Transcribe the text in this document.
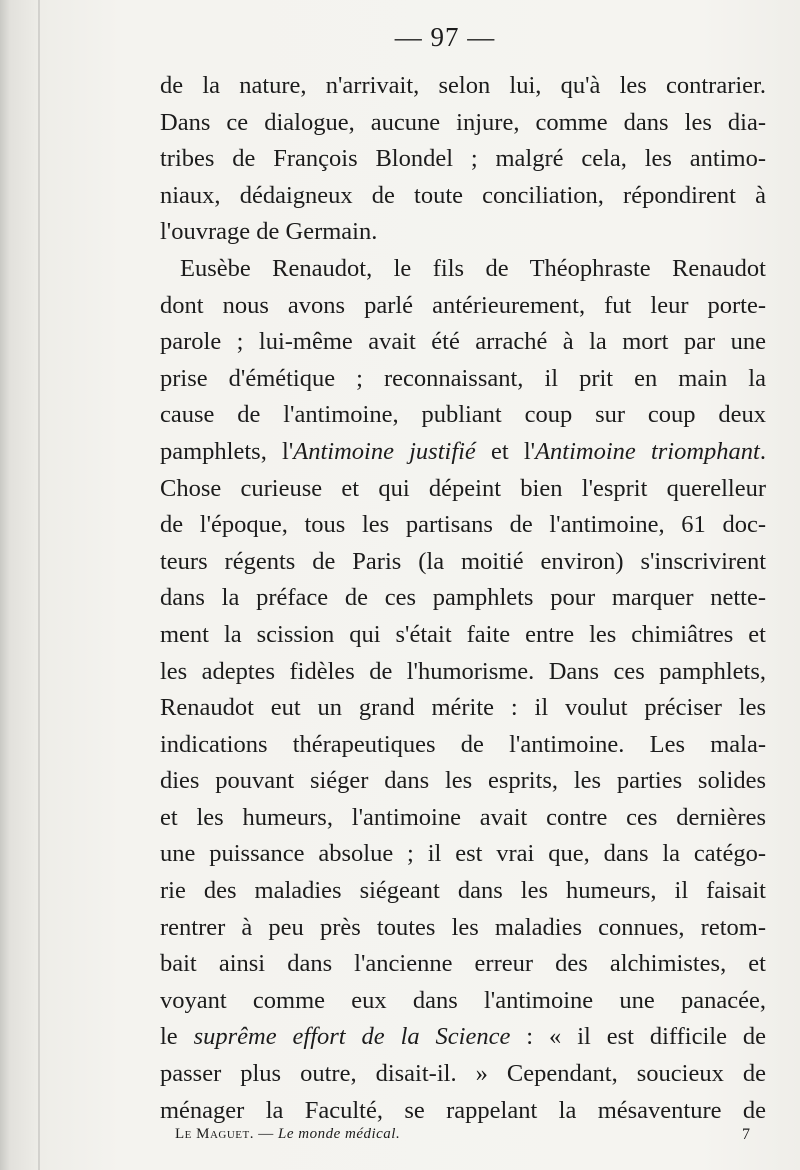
— 97 —
de la nature, n'arrivait, selon lui, qu'à les contrarier.
Dans ce dialogue, aucune injure, comme dans les dia-
tribes de François Blondel ; malgré cela, les antimo-
niaux, dédaigneux de toute conciliation, répondirent à
l'ouvrage de Germain.
Eusèbe Renaudot, le fils de Théophraste Renaudot
dont nous avons parlé antérieurement, fut leur porte-
parole ; lui-même avait été arraché à la mort par une
prise d'émétique ; reconnaissant, il prit en main la
cause de l'antimoine, publiant coup sur coup deux
pamphlets, l'Antimoine justifié et l'Antimoine triomphant.
Chose curieuse et qui dépeint bien l'esprit querelleur
de l'époque, tous les partisans de l'antimoine, 61 doc-
teurs régents de Paris (la moitié environ) s'inscrivirent
dans la préface de ces pamphlets pour marquer nette-
ment la scission qui s'était faite entre les chimiâtres et
les adeptes fidèles de l'humorisme. Dans ces pamphlets,
Renaudot eut un grand mérite : il voulut préciser les
indications thérapeutiques de l'antimoine. Les mala-
dies pouvant siéger dans les esprits, les parties solides
et les humeurs, l'antimoine avait contre ces dernières
une puissance absolue ; il est vrai que, dans la catégo-
rie des maladies siégeant dans les humeurs, il faisait
rentrer à peu près toutes les maladies connues, retom-
bait ainsi dans l'ancienne erreur des alchimistes, et
voyant comme eux dans l'antimoine une panacée,
le suprême effort de la Science : « il est difficile de
passer plus outre, disait-il. » Cependant, soucieux de
ménager la Faculté, se rappelant la mésaventure de
Le Maguet. — Le monde médical.	7
